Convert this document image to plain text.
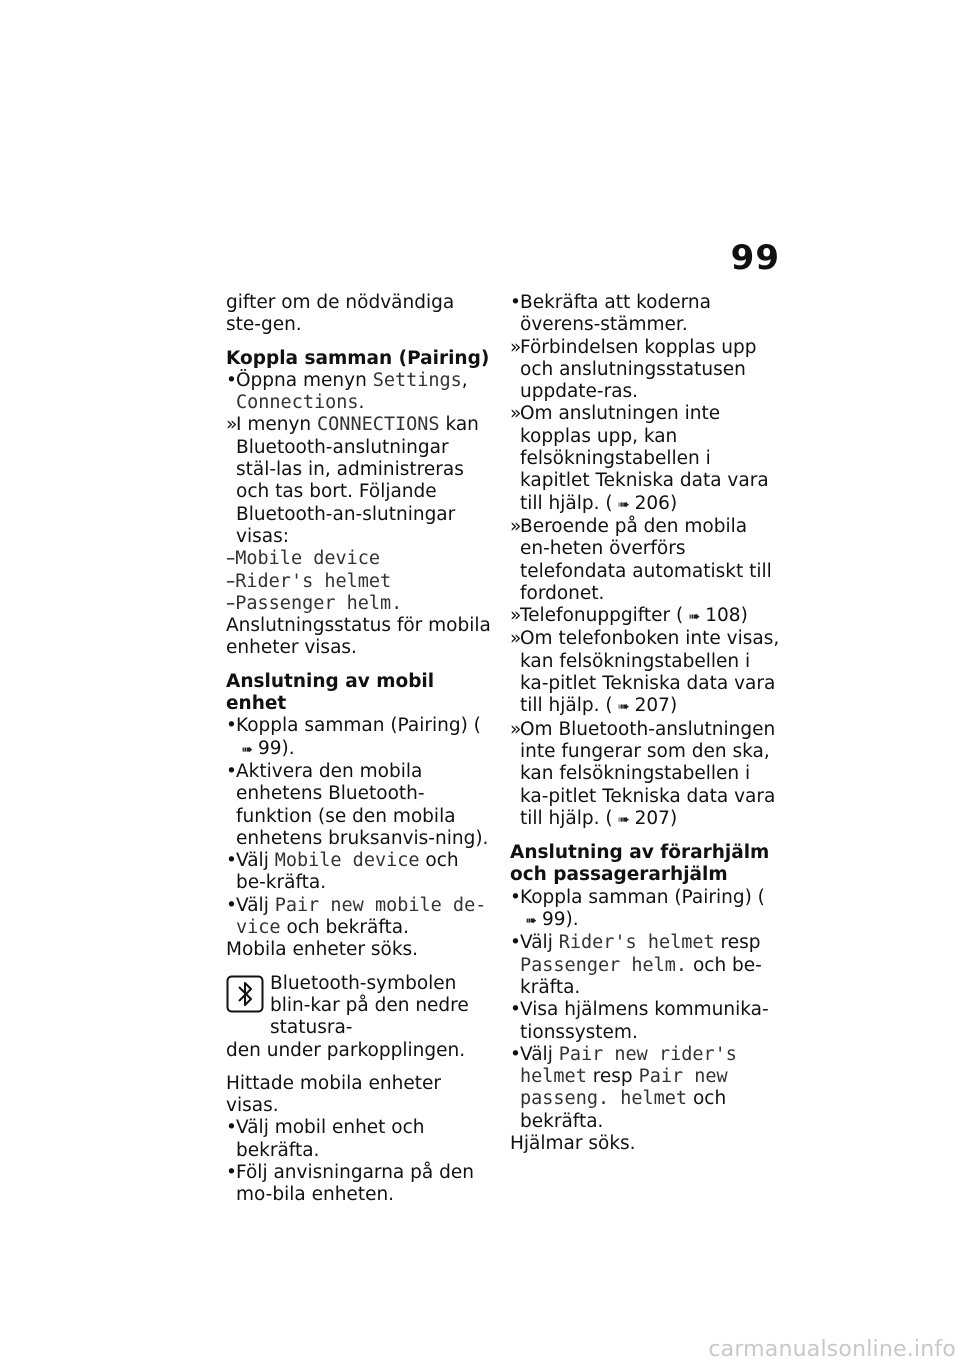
99
gifter om de nödvändiga ste-gen.
Koppla samman (Pairing)
• Öppna menyn Settings, Connections.
»
I menyn CONNECTIONS kan Bluetooth-anslutningar stäl-las in, administreras och tas bort. Följande Bluetooth-an-slutningar visas:
–Mobile device
–Rider's helmet
–Passenger helm.
Anslutningsstatus för mobila enheter visas.
Anslutning av mobil enhet
• Koppla samman (Pairing) (➠ 99).
• Aktivera den mobila enhetens Bluetooth-funktion (se den mobila enhetens bruksanvis-ning).
• Välj Mobile device och be-kräfta.
• Välj Pair new mobile de-vice och bekräfta.
Mobila enheter söks.
Bluetooth-symbolen blin-kar på den nedre statusra-
den under parkopplingen.
Hittade mobila enheter visas.
• Välj mobil enhet och bekräfta.
• Följ anvisningarna på den mo-bila enheten.
• Bekräfta att koderna överens-stämmer.
»
Förbindelsen kopplas upp och anslutningsstatusen uppdate-ras.
»
Om anslutningen inte kopplas upp, kan felsökningstabellen i kapitlet Tekniska data vara till hjälp. ( ➠ 206)
»
Beroende på den mobila en-heten överförs telefondata automatiskt till fordonet.
»
Telefonuppgifter ( ➠ 108)
»
Om telefonboken inte visas, kan felsökningstabellen i ka-pitlet Tekniska data vara till hjälp. ( ➠ 207)
»
Om Bluetooth-anslutningen inte fungerar som den ska, kan felsökningstabellen i ka-pitlet Tekniska data vara till hjälp. ( ➠ 207)
Anslutning av förarhjälm och passagerarhjälm
• Koppla samman (Pairing) (➠ 99).
• Välj Rider's helmet resp Passenger helm. och be-kräfta.
• Visa hjälmens kommunika-tionssystem.
• Välj Pair new rider's helmet resp Pair new passeng. helmet och bekräfta.
Hjälmar söks.
carmanualsonline.info
